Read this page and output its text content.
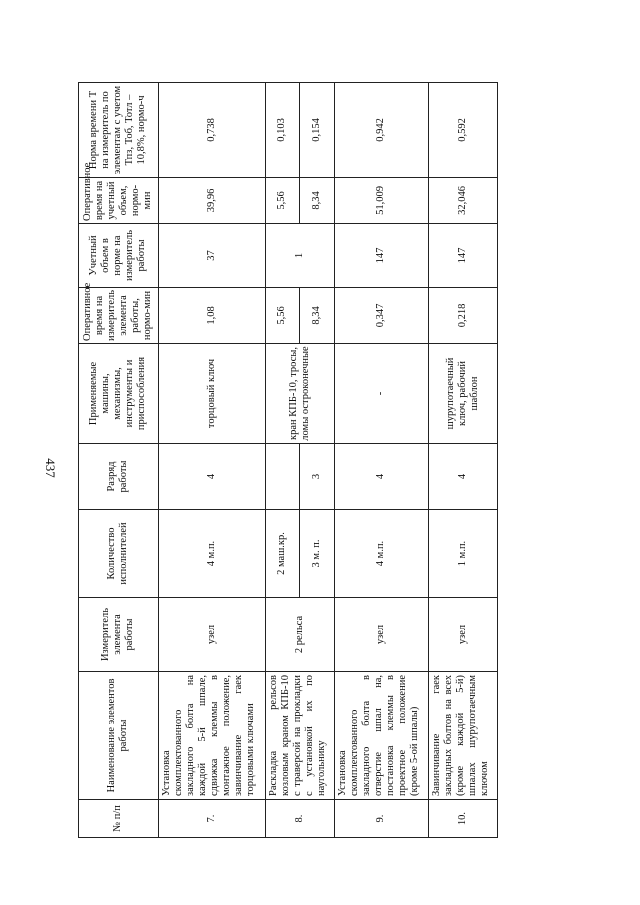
437
№ п/п	Наименование элементов работы	Измеритель элемента работы	Количество исполнителей	Разряд работы	Применяемые машины, механизмы, инструменты и приспособления	Оперативное время на измеритель элемента работы, нормо-мин	Учетный объем в норме на измеритель работы	Оперативное время на учетный объем, нормо-мин	Норма времени Т на измеритель по элементам с учетом Тпз, Тоб, Тотл – 10,8%, нормо-ч
7.	Установка скомплектованного закладного болта на каждой 5-й шпале, сдвижка клеммы в монтажное положение, завинчивание гаек торцовыми ключами	узел	4 м.п.	4	торцовый ключ	1,08	37	39,96	0,738
8.	Раскладка рельсов козловым краном КПБ-10 с траверсой на прокладки с установкой их по наугольнику	2 рельса	2 маш.кр.		кран КПБ-10, тросы, ломы остроконечные	5,56	1	5,56	0,103
			3 м. п.	3		8,34		8,34	0,154
9.	Установка скомплектованного закладного болта в отверстие шпал на, постановка клеммы в проектное положение (кроме 5-ой шпалы)	узел	4 м.п.	4	-	0,347	147	51,009	0,942
10.	Завинчивание гаек закладных болтов на всех (кроме каждой 5-й) шпалах шурупотаечным ключом	узел	1 м.п.	4	шурупотаечный ключ, рабочий шаблон	0,218	147	32,046	0,592
